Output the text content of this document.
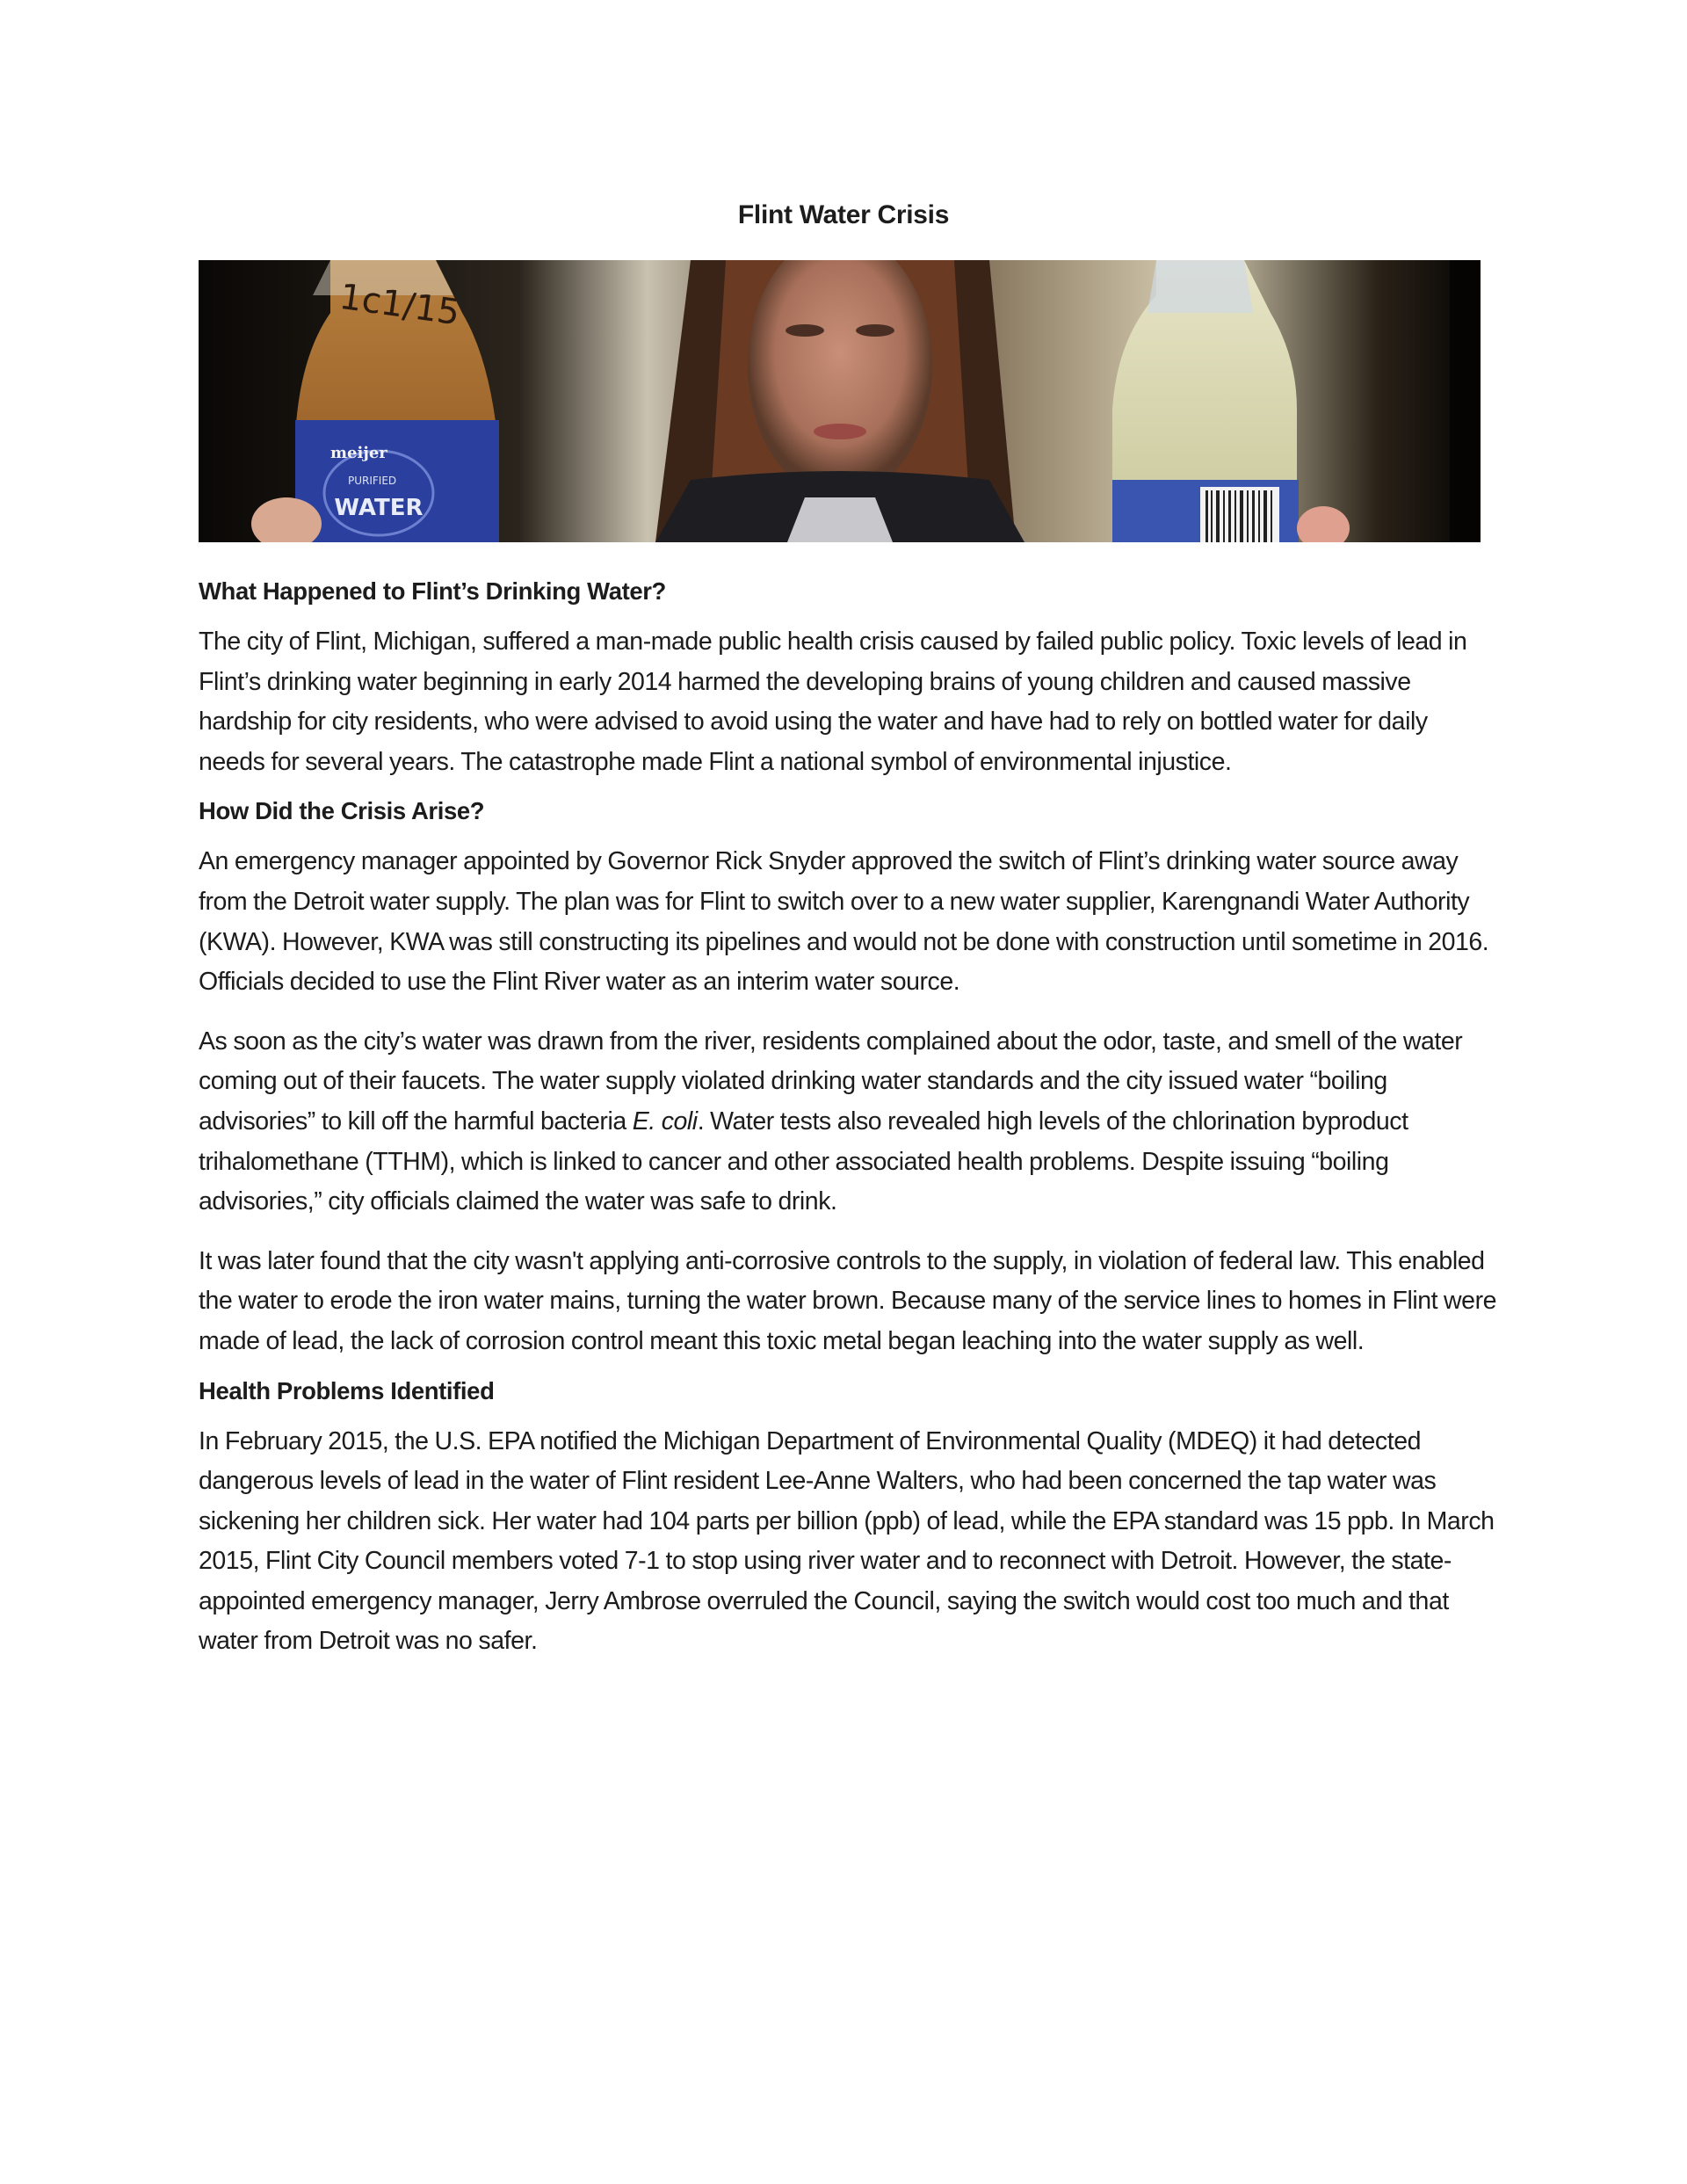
Flint Water Crisis
WATER
meijer
PURIFIED
1c1/15
What Happened to Flint’s Drinking Water?

The city of Flint, Michigan, suffered a man-made public health crisis caused by failed public policy. Toxic levels of lead in Flint’s drinking water beginning in early 2014 harmed the developing brains of young children and caused massive hardship for city residents, who were advised to avoid using the water and have had to rely on bottled water for daily needs for several years. The catastrophe made Flint a national symbol of environmental injustice.

How Did the Crisis Arise?

An emergency manager appointed by Governor Rick Snyder approved the switch of Flint’s drinking water source away from the Detroit water supply. The plan was for Flint to switch over to a new water supplier, Karengnandi Water Authority (KWA). However, KWA was still constructing its pipelines and would not be done with construction until sometime in 2016. Officials decided to use the Flint River water as an interim water source.

As soon as the city’s water was drawn from the river, residents complained about the odor, taste, and smell of the water coming out of their faucets. The water supply violated drinking water standards and the city issued water “boiling advisories” to kill off the harmful bacteria E. coli. Water tests also revealed high levels of the chlorination byproduct trihalomethane (TTHM), which is linked to cancer and other associated health problems. Despite issuing “boiling advisories,” city officials claimed the water was safe to drink.

It was later found that the city wasn't applying anti-corrosive controls to the supply, in violation of federal law. This enabled the water to erode the iron water mains, turning the water brown. Because many of the service lines to homes in Flint were made of lead, the lack of corrosion control meant this toxic metal began leaching into the water supply as well.

Health Problems Identified

In February 2015, the U.S. EPA notified the Michigan Department of Environmental Quality (MDEQ) it had detected dangerous levels of lead in the water of Flint resident Lee-Anne Walters, who had been concerned the tap water was sickening her children sick. Her water had 104 parts per billion (ppb) of lead, while the EPA standard was 15 ppb. In March 2015, Flint City Council members voted 7-1 to stop using river water and to reconnect with Detroit. However, the state-appointed emergency manager, Jerry Ambrose overruled the Council, saying the switch would cost too much and that water from Detroit was no safer.
